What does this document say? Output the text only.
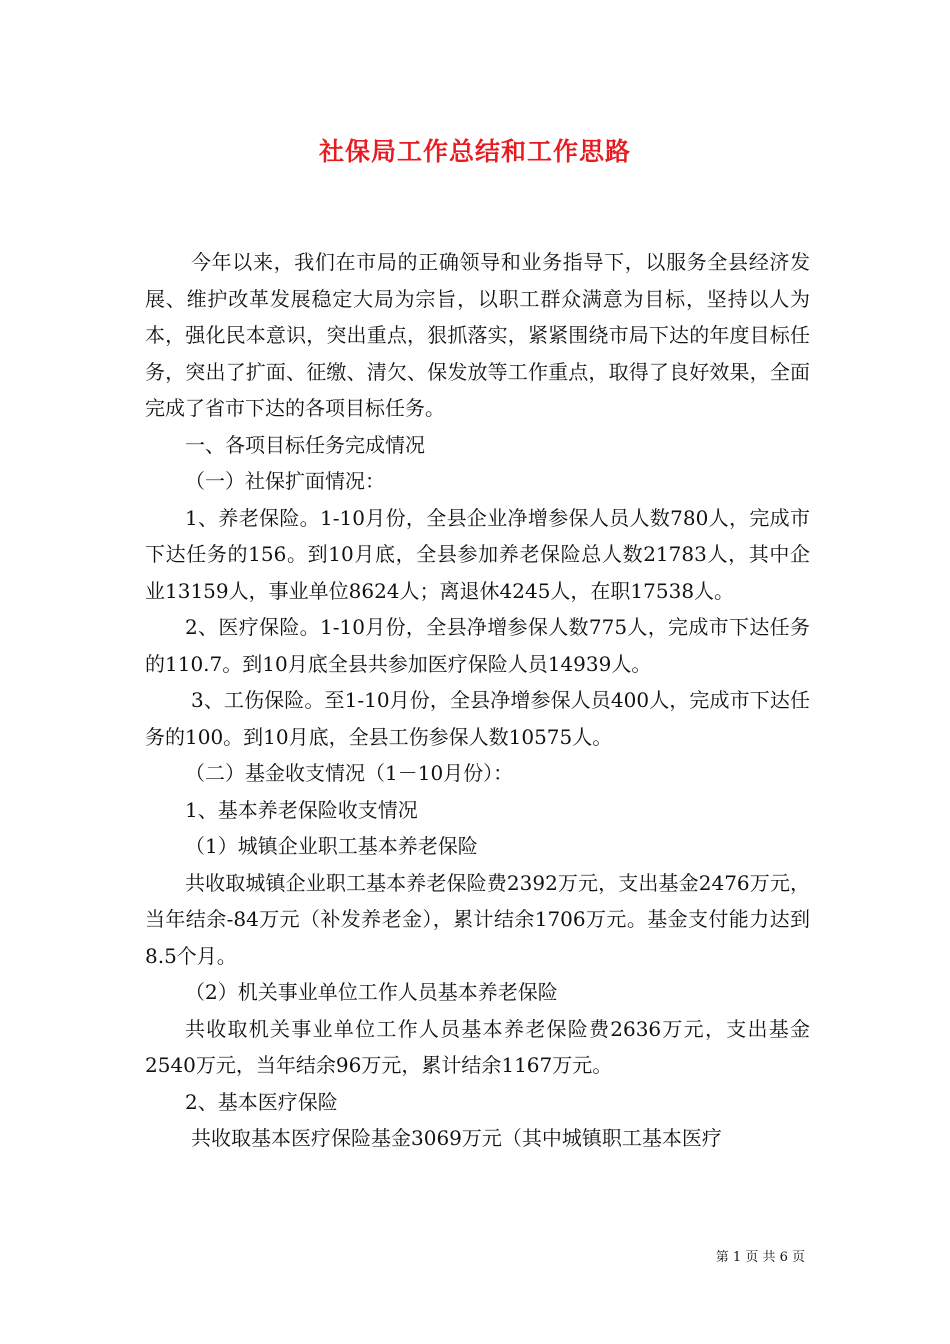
社保局工作总结和工作思路

今年以来，我们在市局的正确领导和业务指导下，以服务全县经济发展、维护改革发展稳定大局为宗旨，以职工群众满意为目标，坚持以人为本，强化民本意识，突出重点，狠抓落实，紧紧围绕市局下达的年度目标任务，突出了扩面、征缴、清欠、保发放等工作重点，取得了良好效果，全面完成了省市下达的各项目标任务。

一、各项目标任务完成情况

（一）社保扩面情况：

1、养老保险。1-10月份，全县企业净增参保人员人数780人，完成市下达任务的156。到10月底，全县参加养老保险总人数21783人，其中企业13159人，事业单位8624人；离退休4245人，在职17538人。

2、医疗保险。1-10月份，全县净增参保人数775人，完成市下达任务的110.7。到10月底全县共参加医疗保险人员14939人。

3、工伤保险。至1-10月份，全县净增参保人员400人，完成市下达任务的100。到10月底，全县工伤参保人数10575人。

（二）基金收支情况（1－10月份）：

1、基本养老保险收支情况

（1）城镇企业职工基本养老保险

共收取城镇企业职工基本养老保险费2392万元，支出基金2476万元，当年结余-84万元（补发养老金），累计结余1706万元。基金支付能力达到8.5个月。

（2）机关事业单位工作人员基本养老保险

共收取机关事业单位工作人员基本养老保险费2636万元，支出基金2540万元，当年结余96万元，累计结余1167万元。

2、基本医疗保险

共收取基本医疗保险基金3069万元（其中城镇职工基本医疗

第 1 页 共 6 页
